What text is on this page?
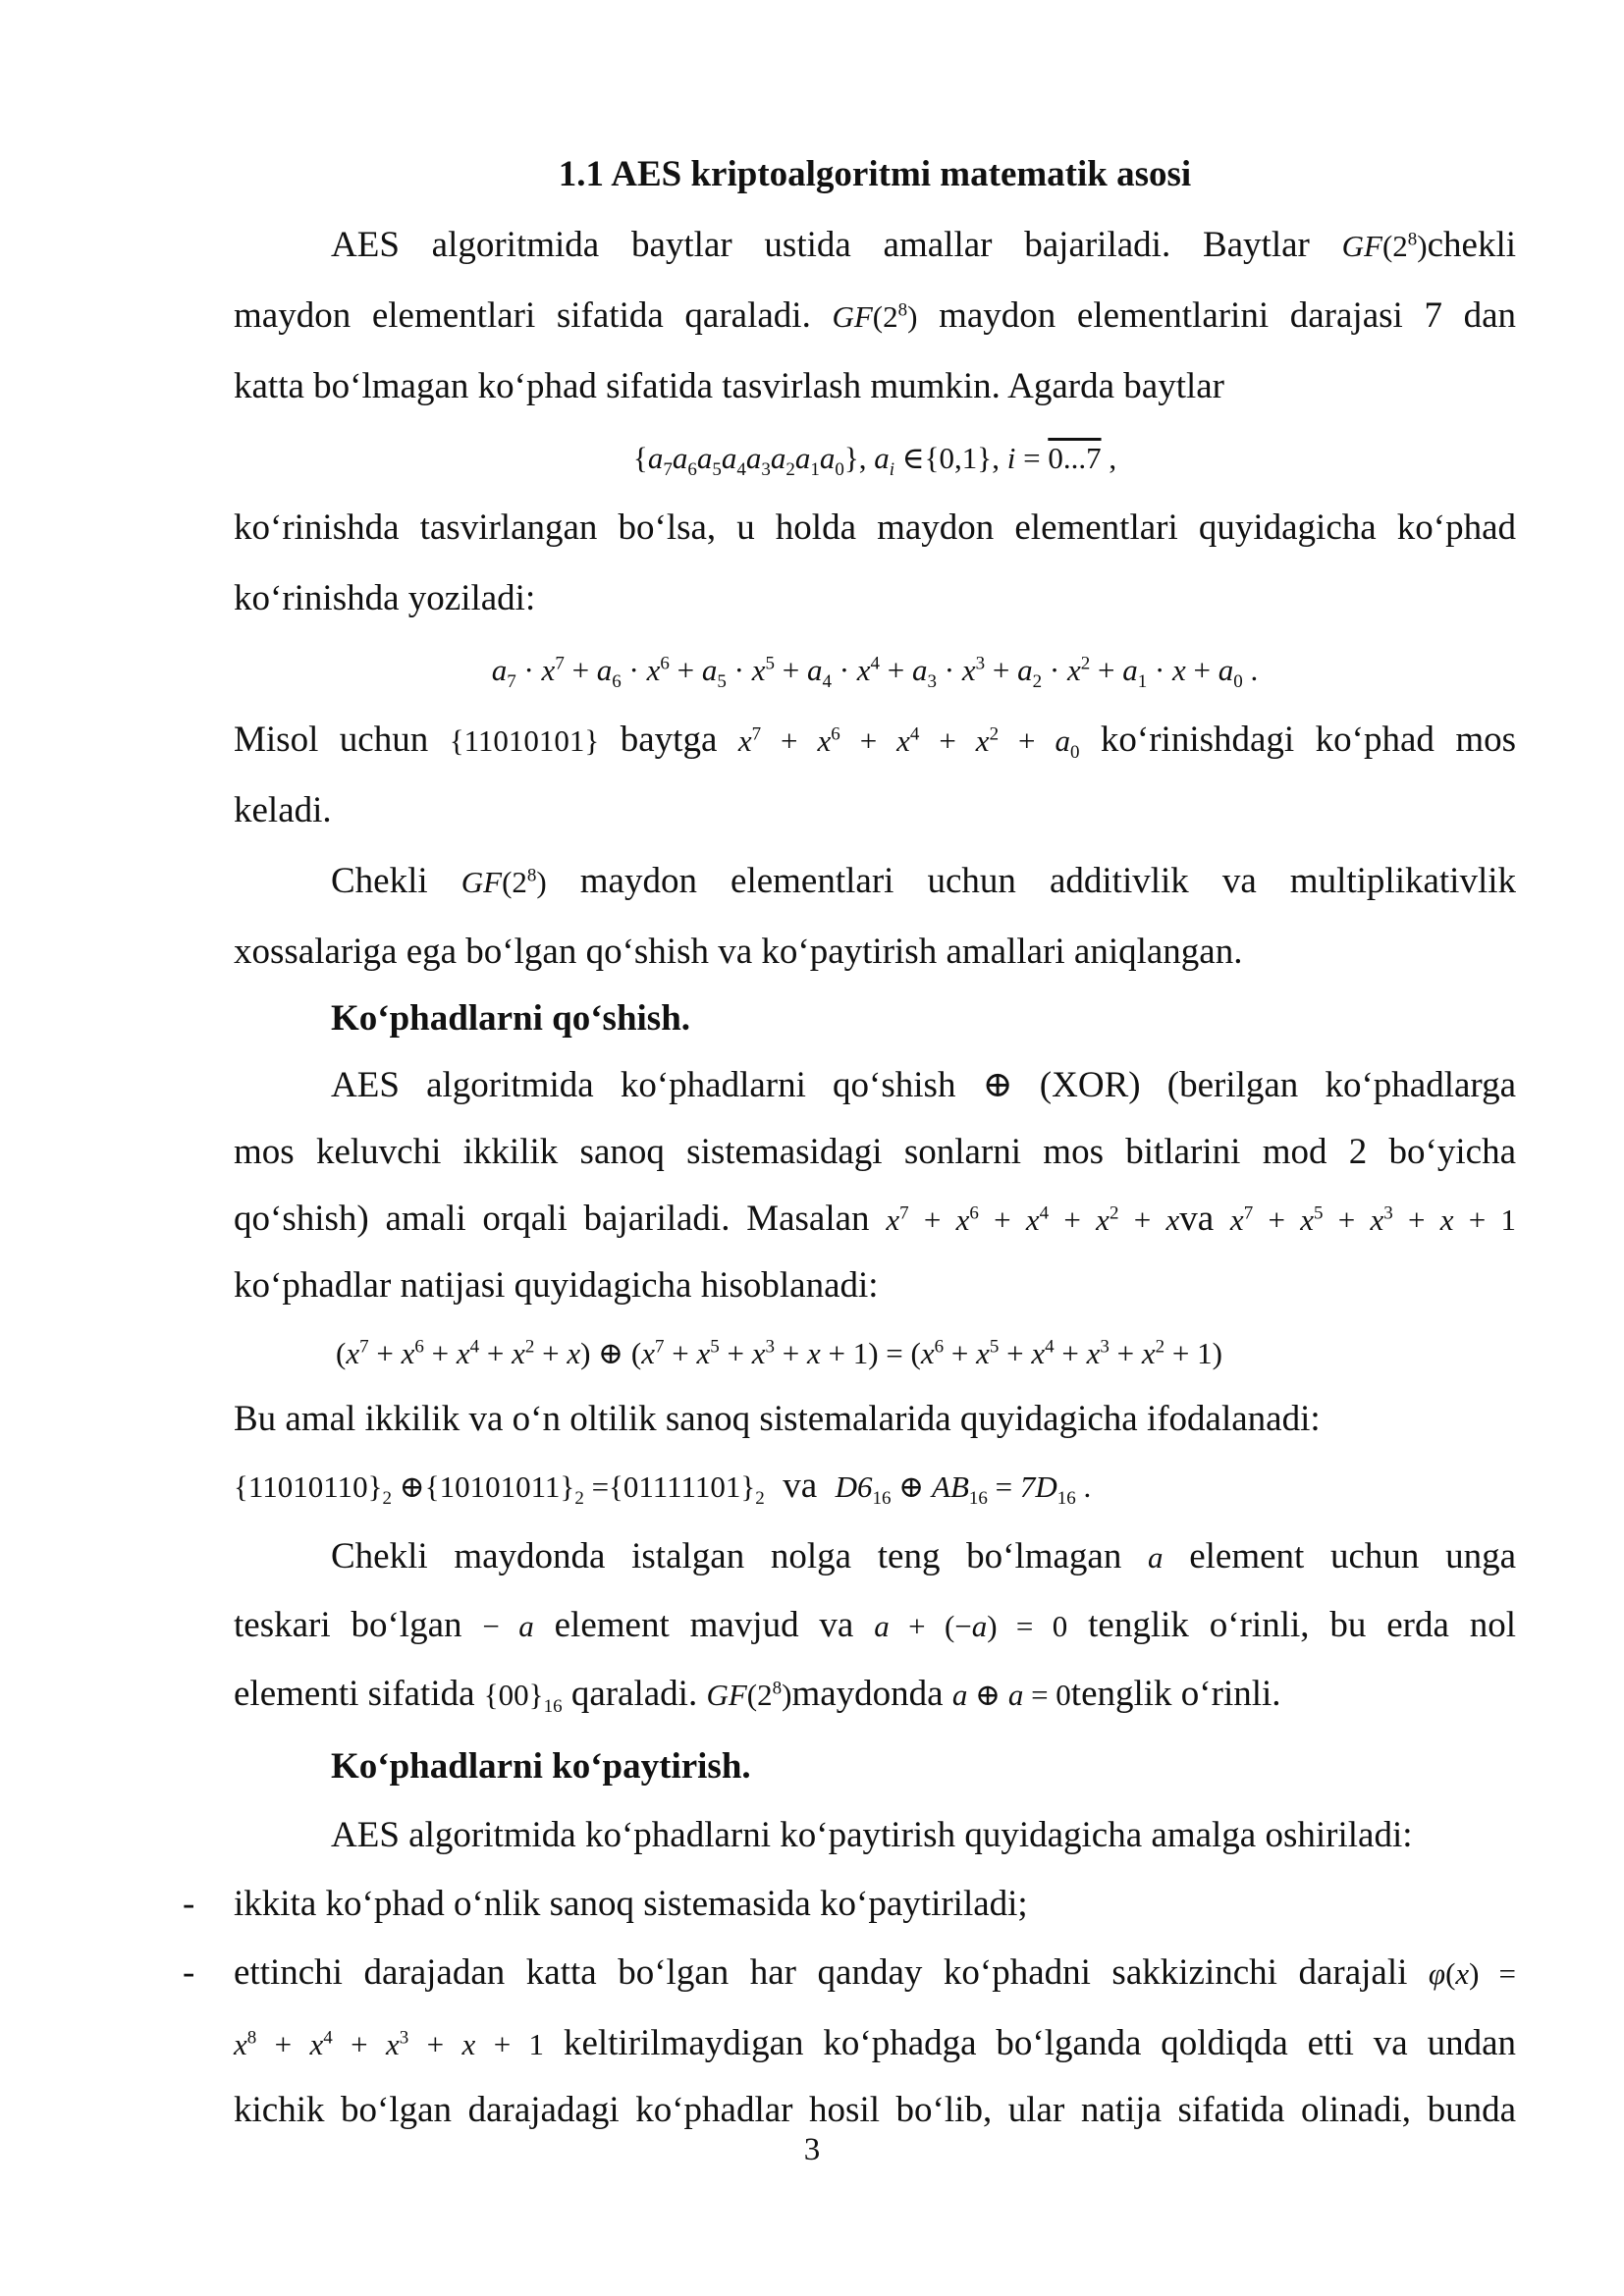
1.1 AES kriptoalgoritmi matematik asosi
AES algoritmida baytlar ustida amallar bajariladi. Baytlar $GF(2^8)chekli$
maydon elementlari sifatida qaraladi. $GF(2^8)$ maydon elementlarini darajasi 7 dan
katta bo‘lmagan ko‘phad sifatida tasvirlash mumkin. Agarda baytlar
$\{a_7a_6a_5a_4a_3a_2a_1a_0\}$, $a_i$ ∈{0,1}, i = 0...7 ,
ko‘rinishda tasvirlangan bo‘lsa, u holda maydon elementlari quyidagicha ko‘phad
ko‘rinishda yoziladi:
$a_7 \cdot x^7 + a_6 \cdot x^6 + a_5 \cdot x^5 + a_4 \cdot x^4 + a_3 \cdot x^3 + a_2 \cdot x^2 + a_1 \cdot x + a_0$ .
Misol uchun {11010101} baytga $x^7 + x^6 + x^4 + x^2 + a_0$ ko‘rinishdagi ko‘phad mos
keladi.
Chekli $GF(2^8)$ maydon elementlari uchun additivlik va multiplikativlik
xossalariga ega bo‘lgan qo‘shish va ko‘paytirish amallari aniqlangan.
Ko‘phadlarni qo‘shish.
AES algoritmida ko‘phadlarni qo‘shish ⊕ (XOR) (berilgan ko‘phadlarga
mos keluvchi ikkilik sanoq sistemasidagi sonlarni mos bitlarini mod 2 bo‘yicha
qo‘shish) amali orqali bajariladi. Masalan $x^7 + x^6 + x^4 + x^2$ + xva $x^7 + x^5 + x^3 + x + 1$
ko‘phadlar natijasi quyidagicha hisoblanadi:
$(x^7 + x^6 + x^4 + x^2 + x)$ ⊕ $(x^7 + x^5 + x^3 + x + 1) = (x^6 + x^5 + x^4 + x^3 + x^2 + 1)$
Bu amal ikkilik va o‘n oltilik sanoq sistemalarida quyidagicha ifodalanadi:
$\{11010110\}_2$ $\oplus\{10101011\}_2 =\{01111101\}_2$ va $D6_{16}$ ⊕ $AB_{16} = 7D_{16}$ .
Chekli maydonda istalgan nolga teng bo‘lmagan a element uchun unga
teskari bo‘lgan − a element mavjud va a + (−a) = 0 tenglik o‘rinli, bu erda nol
elementi sifatida $\{00\}_{16}$ qaraladi. $GF(2^8)maydonda$ a ⊕ a = 0tenglik o‘rinli.
Ko‘phadlarni ko‘paytirish.
AES algoritmida ko‘phadlarni ko‘paytirish quyidagicha amalga oshiriladi:
- ikkita ko‘phad o‘nlik sanoq sistemasida ko‘paytiriladi;
- ettinchi darajadan katta bo‘lgan har qanday ko‘phadni sakkizinchi darajali φ(x) =
$x^8 + x^4 + x^3 + x + 1$ keltirilmaydigan ko‘phadga bo‘lganda qoldiqda etti va undan
kichik bo‘lgan darajadagi ko‘phadlar hosil bo‘lib, ular natija sifatida olinadi, bunda
3
